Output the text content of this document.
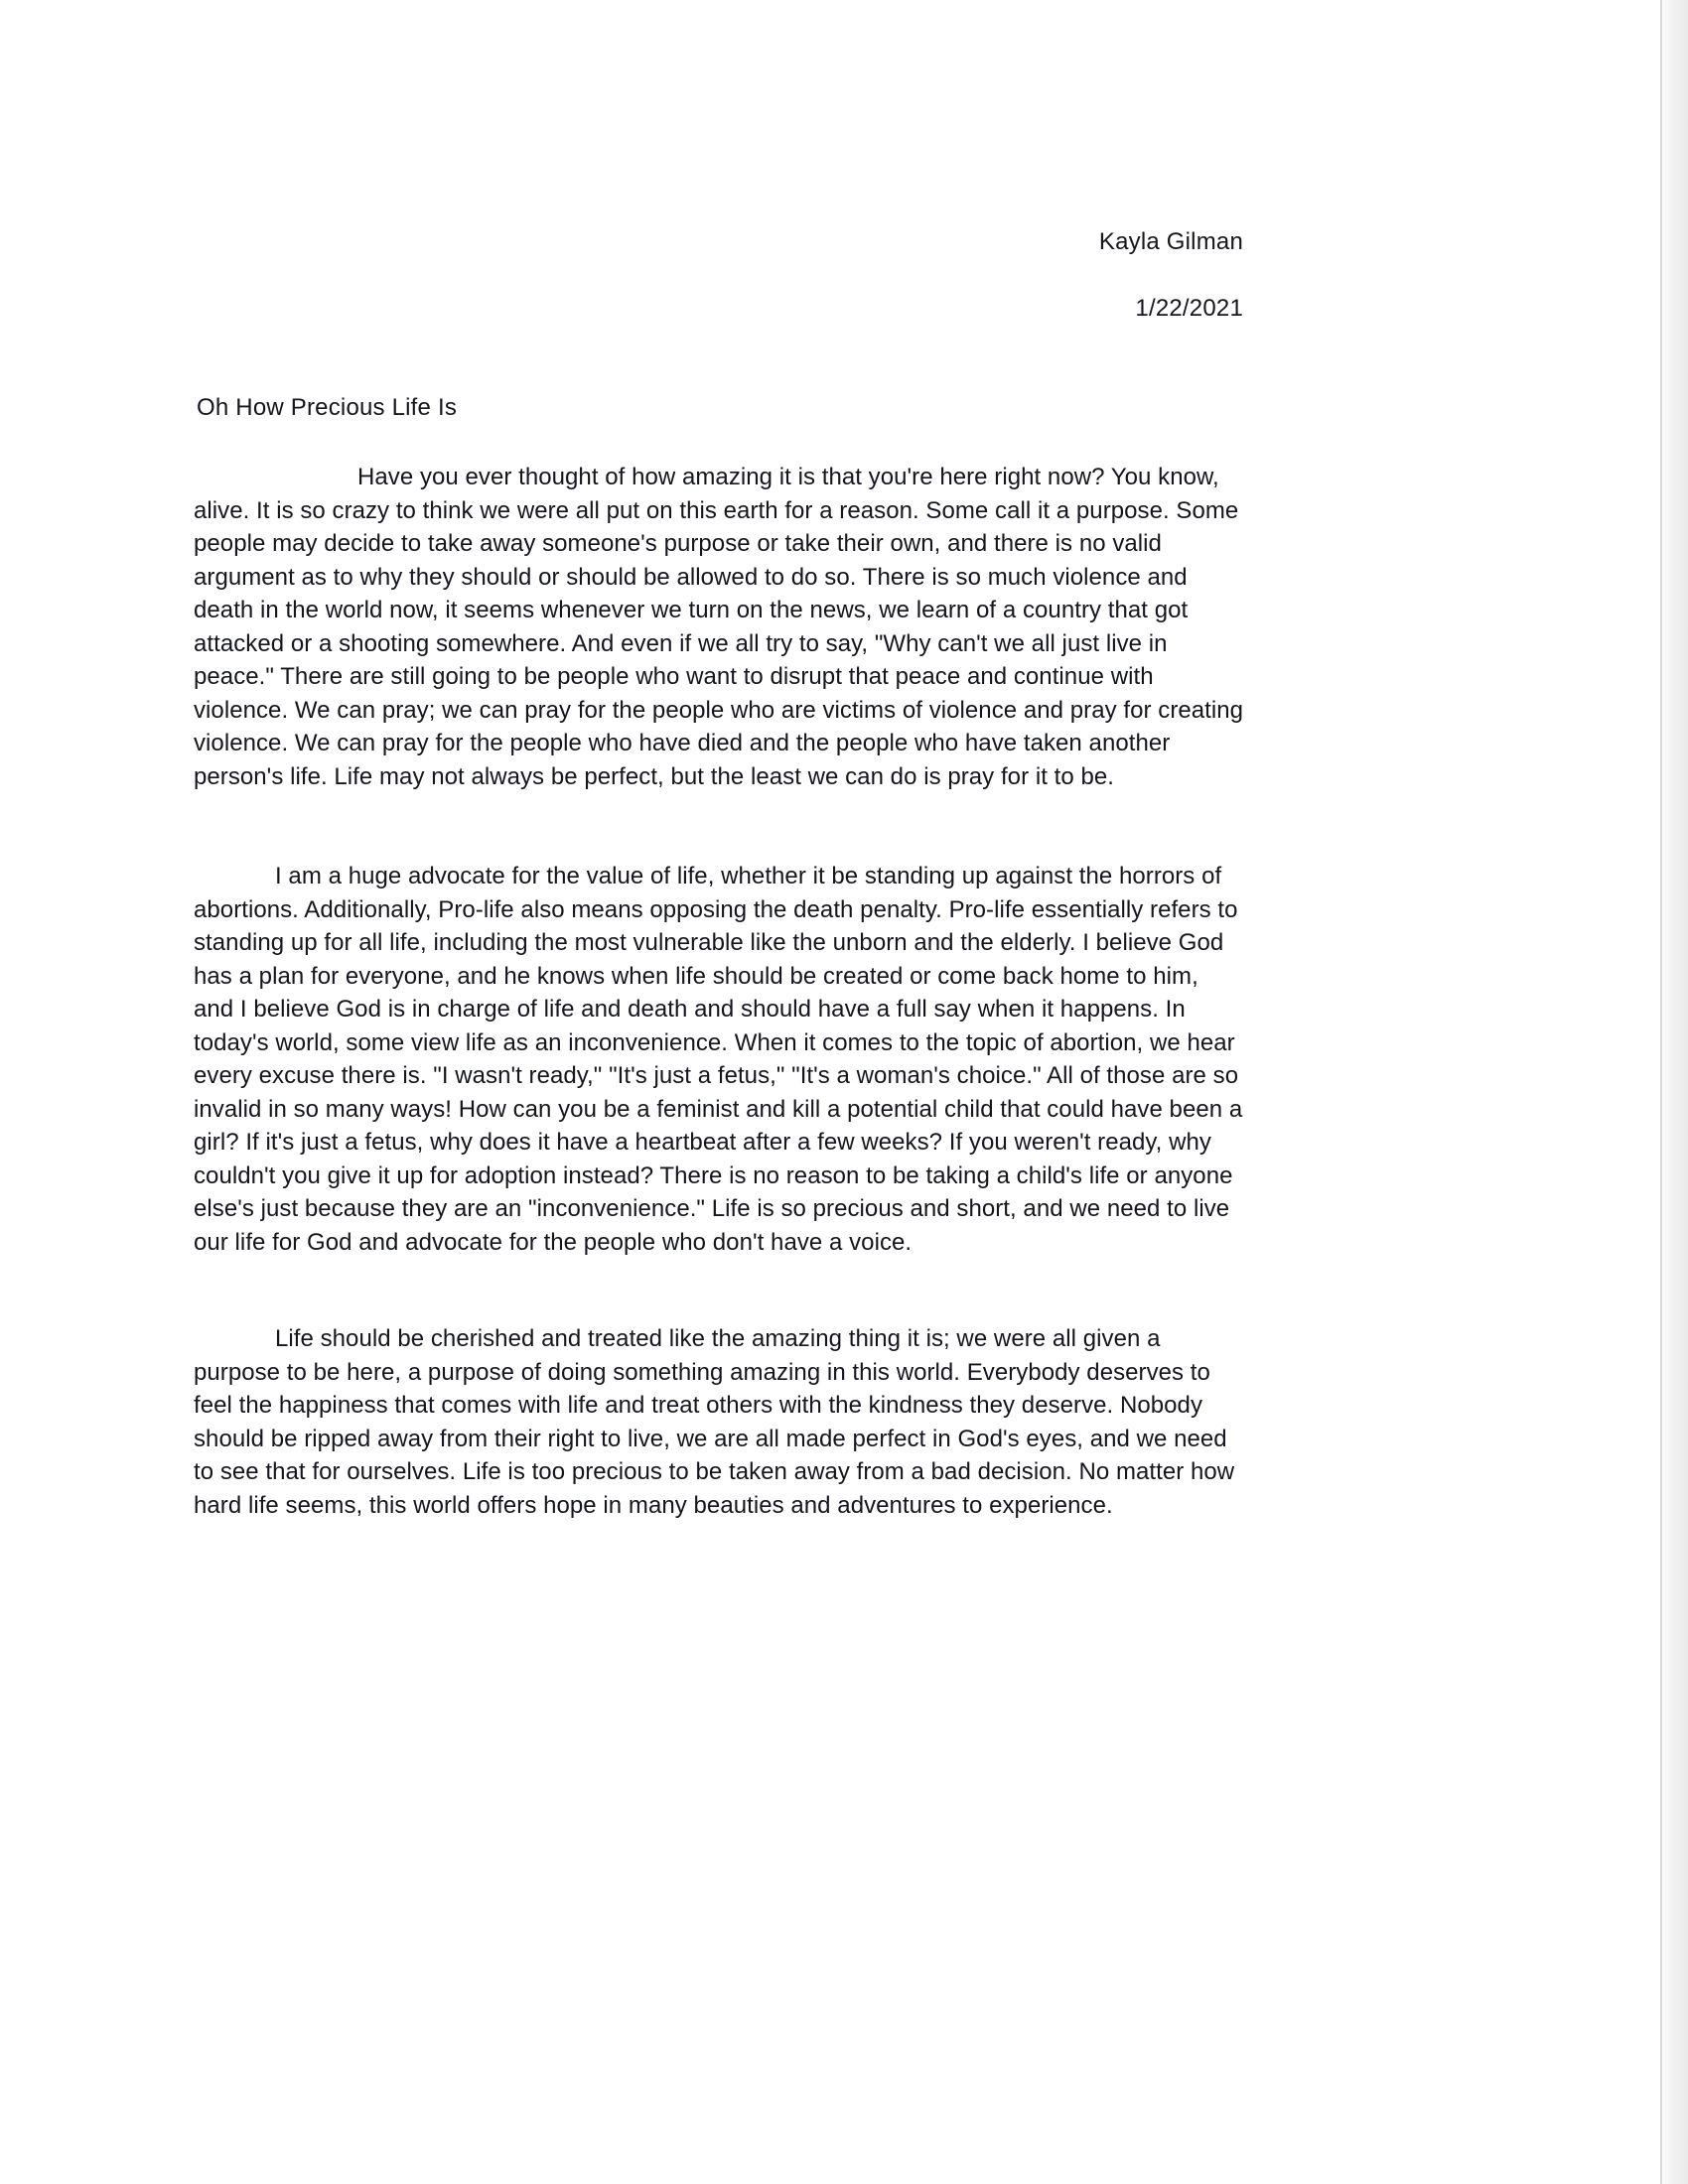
Kayla Gilman
1/22/2021
Oh How Precious Life Is

Have you ever thought of how amazing it is that you're here right now? You know, alive. It is so crazy to think we were all put on this earth for a reason. Some call it a purpose. Some people may decide to take away someone's purpose or take their own, and there is no valid argument as to why they should or should be allowed to do so. There is so much violence and death in the world now, it seems whenever we turn on the news, we learn of a country that got attacked or a shooting somewhere. And even if we all try to say, "Why can't we all just live in peace." There are still going to be people who want to disrupt that peace and continue with violence. We can pray; we can pray for the people who are victims of violence and pray for creating violence. We can pray for the people who have died and the people who have taken another person's life. Life may not always be perfect, but the least we can do is pray for it to be.

I am a huge advocate for the value of life, whether it be standing up against the horrors of abortions. Additionally, Pro-life also means opposing the death penalty. Pro-life essentially refers to standing up for all life, including the most vulnerable like the unborn and the elderly. I believe God has a plan for everyone, and he knows when life should be created or come back home to him, and I believe God is in charge of life and death and should have a full say when it happens. In today's world, some view life as an inconvenience. When it comes to the topic of abortion, we hear every excuse there is. "I wasn't ready," "It's just a fetus," "It's a woman's choice." All of those are so invalid in so many ways! How can you be a feminist and kill a potential child that could have been a girl? If it's just a fetus, why does it have a heartbeat after a few weeks? If you weren't ready, why couldn't you give it up for adoption instead? There is no reason to be taking a child's life or anyone else's just because they are an "inconvenience." Life is so precious and short, and we need to live our life for God and advocate for the people who don't have a voice.

Life should be cherished and treated like the amazing thing it is; we were all given a purpose to be here, a purpose of doing something amazing in this world. Everybody deserves to feel the happiness that comes with life and treat others with the kindness they deserve. Nobody should be ripped away from their right to live, we are all made perfect in God's eyes, and we need to see that for ourselves. Life is too precious to be taken away from a bad decision. No matter how hard life seems, this world offers hope in many beauties and adventures to experience.
